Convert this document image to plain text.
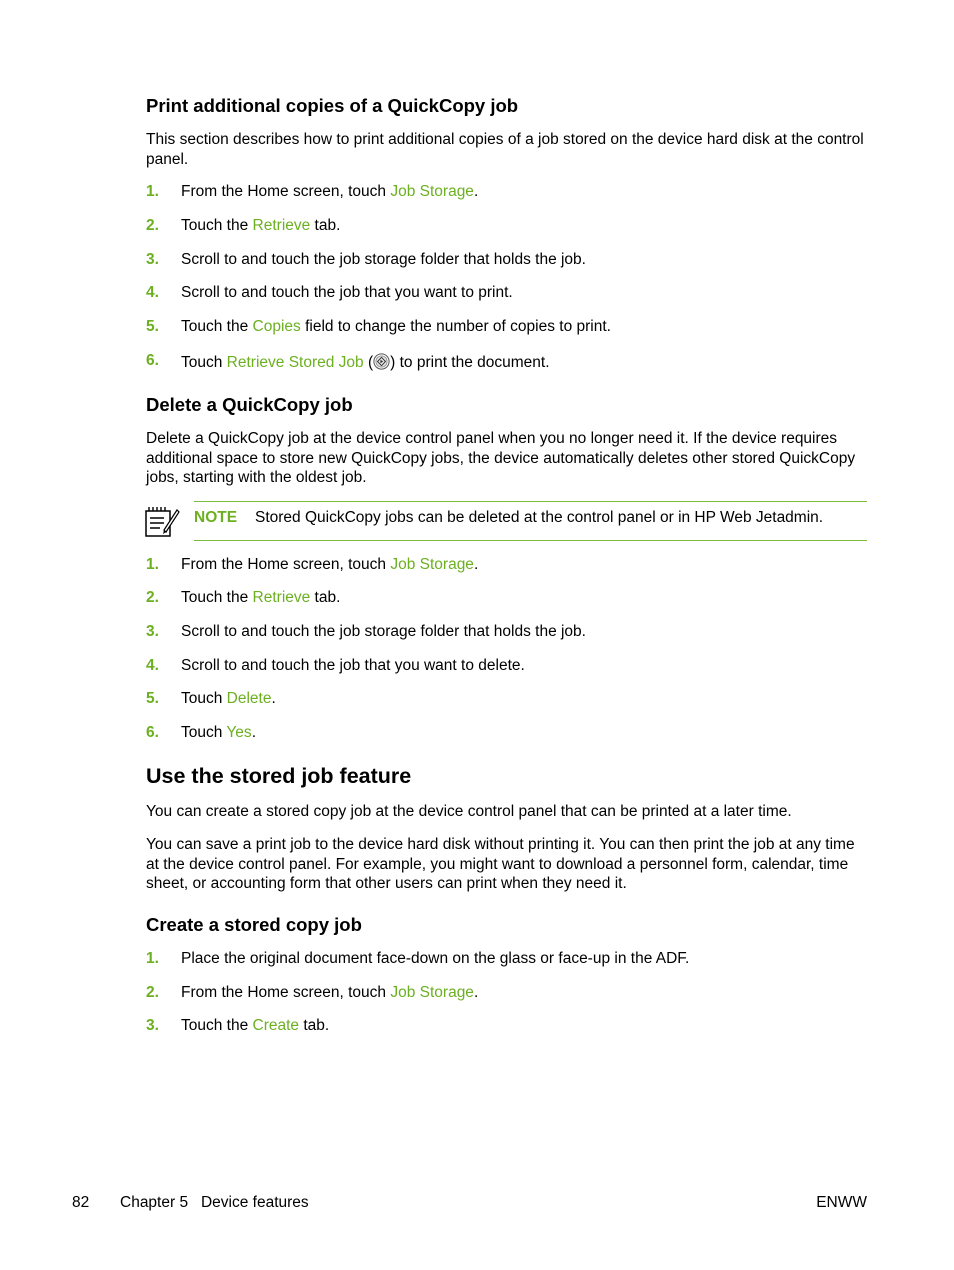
Print additional copies of a QuickCopy job
This section describes how to print additional copies of a job stored on the device hard disk at the control panel.
1. From the Home screen, touch Job Storage.
2. Touch the Retrieve tab.
3. Scroll to and touch the job storage folder that holds the job.
4. Scroll to and touch the job that you want to print.
5. Touch the Copies field to change the number of copies to print.
6. Touch Retrieve Stored Job ( ) to print the document.
Delete a QuickCopy job
Delete a QuickCopy job at the device control panel when you no longer need it. If the device requires additional space to store new QuickCopy jobs, the device automatically deletes other stored QuickCopy jobs, starting with the oldest job.
NOTE Stored QuickCopy jobs can be deleted at the control panel or in HP Web Jetadmin.
1. From the Home screen, touch Job Storage.
2. Touch the Retrieve tab.
3. Scroll to and touch the job storage folder that holds the job.
4. Scroll to and touch the job that you want to delete.
5. Touch Delete.
6. Touch Yes.
Use the stored job feature
You can create a stored copy job at the device control panel that can be printed at a later time.
You can save a print job to the device hard disk without printing it. You can then print the job at any time at the device control panel. For example, you might want to download a personnel form, calendar, time sheet, or accounting form that other users can print when they need it.
Create a stored copy job
1. Place the original document face-down on the glass or face-up in the ADF.
2. From the Home screen, touch Job Storage.
3. Touch the Create tab.
82 Chapter 5   Device features	ENWW
